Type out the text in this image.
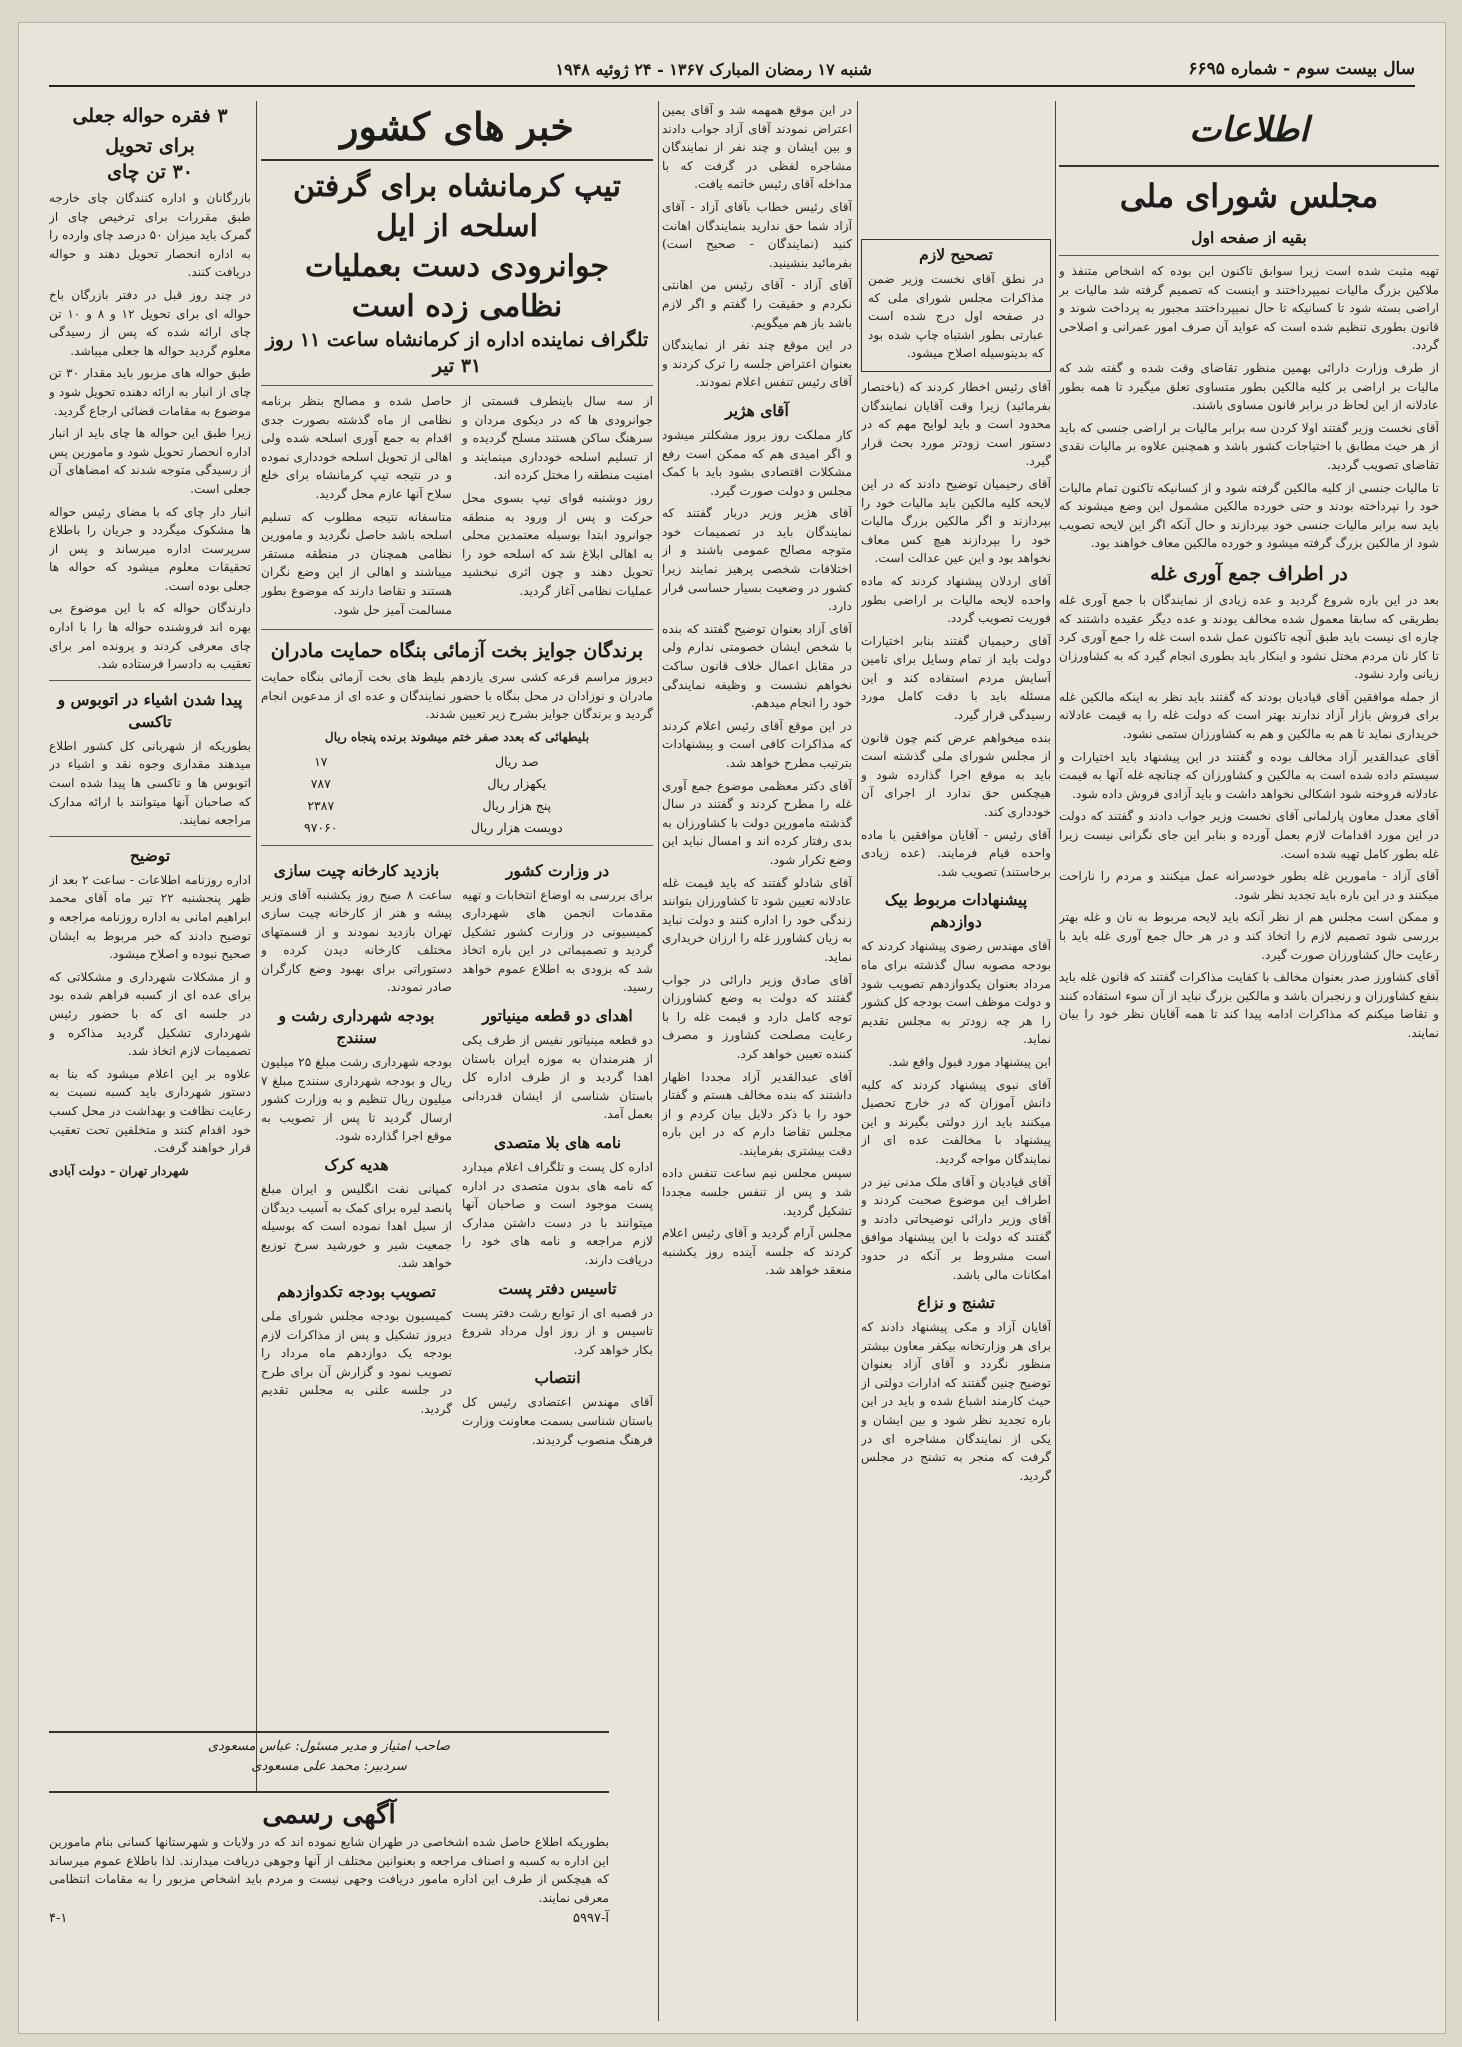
سال بیست سوم - شماره ۶۶۹۵
شنبه ۱۷ رمضان المبارک ۱۳۶۷ - ۲۴ ژوئیه ۱۹۴۸
اطلاعات
مجلس شورای ملی
بقیه از صفحه اول

تهیه مثبت شده است زیرا سوابق تاکنون این بوده که اشخاص متنفذ و ملاکین بزرگ مالیات نمیپرداختند و اینست که تصمیم گرفته شد مالیات بر اراضی بسته شود تا کسانیکه تا حال نمیپرداختند مجبور به پرداخت شوند و قانون بطوری تنظیم شده است که عواید آن صرف امور عمرانی و اصلاحی گردد.

از طرف وزارت دارائی بهمین منظور تقاضای وقت شده و گفته شد که مالیات بر اراضی بر کلیه مالکین بطور متساوی تعلق میگیرد تا همه بطور عادلانه از این لحاظ در برابر قانون مساوی باشند.

آقای نخست وزیر گفتند اولا کردن سه برابر مالیات بر اراضی جنسی که باید از هر حیث مطابق با احتیاجات کشور باشد و همچنین علاوه بر مالیات نقدی تقاضای تصویب گردید.

تا مالیات جنسی از کلیه مالکین گرفته شود و از کسانیکه تاکنون تمام مالیات خود را نپرداخته بودند و حتی خورده مالکین مشمول این وضع میشوند که باید سه برابر مالیات جنسی خود بپردازند و حال آنکه اگر این لایحه تصویب شود از مالکین بزرگ گرفته میشود و خورده مالکین معاف خواهند بود.

در اطراف جمع آوری غله

بعد در این باره شروع گردید و عده زیادی از نمایندگان با جمع آوری غله بطریقی که سابقا معمول شده مخالف بودند و عده دیگر عقیده داشتند که چاره ای نیست باید طبق آنچه تاکنون عمل شده است غله را جمع آوری کرد تا کار نان مردم مختل نشود و اینکار باید بطوری انجام گیرد که به کشاورزان زیانی وارد نشود.

از جمله موافقین آقای قیادیان بودند که گفتند باید نظر به اینکه مالکین غله برای فروش بازار آزاد ندارند بهتر است که دولت غله را به قیمت عادلانه خریداری نماید تا هم به مالکین و هم به کشاورزان ستمی نشود.

آقای عبدالقدیر آزاد مخالف بوده و گفتند در این پیشنهاد باید اختیارات و سیستم داده شده است به مالکین و کشاورزان که چنانچه غله آنها به قیمت عادلانه فروخته شود اشکالی نخواهد داشت و باید آزادی فروش داده شود.

آقای معدل معاون پارلمانی آقای نخست وزیر جواب دادند و گفتند که دولت در این مورد اقدامات لازم بعمل آورده و بنابر این جای نگرانی نیست زیرا غله بطور کامل تهیه شده است.

آقای آزاد - مامورین غله بطور خودسرانه عمل میکنند و مردم را ناراحت میکنند و در این باره باید تجدید نظر شود.

و ممکن است مجلس هم از نظر آنکه باید لایحه مربوط به نان و غله بهتر بررسی شود تصمیم لازم را اتخاذ کند و در هر حال جمع آوری غله باید با رعایت حال کشاورزان صورت گیرد.

آقای کشاورز صدر بعنوان مخالف با کفایت مذاکرات گفتند که قانون غله باید بنفع کشاورزان و رنجبران باشد و مالکین بزرگ نباید از آن سوء استفاده کنند و تقاضا میکنم که مذاکرات ادامه پیدا کند تا همه آقایان نظر خود را بیان نمایند.

تصحیح لازم

در نطق آقای نخست وزیر ضمن مذاکرات مجلس شورای ملی که در صفحه اول درج شده است عبارتی بطور اشتباه چاپ شده بود که بدینوسیله اصلاح میشود.

آقای رئیس اخطار کردند که (باختصار بفرمائید) زیرا وقت آقایان نمایندگان محدود است و باید لوایح مهم که در دستور است زودتر مورد بحث قرار گیرد.

آقای رحیمیان توضیح دادند که در این لایحه کلیه مالکین باید مالیات خود را بپردازند و اگر مالکین بزرگ مالیات خود را بپردازند هیچ کس معاف نخواهد بود و این عین عدالت است.

آقای اردلان پیشنهاد کردند که ماده واحده لایحه مالیات بر اراضی بطور فوریت تصویب گردد.

آقای رحیمیان گفتند بنابر اختیارات دولت باید از تمام وسایل برای تامین آسایش مردم استفاده کند و این مسئله باید با دقت کامل مورد رسیدگی قرار گیرد.

بنده میخواهم عرض کنم چون قانون از مجلس شورای ملی گذشته است باید به موقع اجرا گذارده شود و هیچکس حق ندارد از اجرای آن خودداری کند.

آقای رئیس - آقایان موافقین با ماده واحده قیام فرمایند. (عده زیادی برخاستند) تصویب شد.

پیشنهادات مربوط بیک دوازدهم

آقای مهندس رضوی پیشنهاد کردند که بودجه مصوبه سال گذشته برای ماه مرداد بعنوان یکدوازدهم تصویب شود و دولت موظف است بودجه کل کشور را هر چه زودتر به مجلس تقدیم نماید.

این پیشنهاد مورد قبول واقع شد.

آقای نبوی پیشنهاد کردند که کلیه دانش آموزان که در خارج تحصیل میکنند باید ارز دولتی بگیرند و این پیشنهاد با مخالفت عده ای از نمایندگان مواجه گردید.

آقای قیادیان و آقای ملک مدنی نیز در اطراف این موضوع صحبت کردند و آقای وزیر دارائی توضیحاتی دادند و گفتند که دولت با این پیشنهاد موافق است مشروط بر آنکه در حدود امکانات مالی باشد.

تشنج و نزاع

آقایان آزاد و مکی پیشنهاد دادند که برای هر وزارتخانه بیکفر معاون بیشتر منظور نگردد و آقای آزاد بعنوان توضیح چنین گفتند که ادارات دولتی از حیث کارمند اشباع شده و باید در این باره تجدید نظر شود و بین ایشان و یکی از نمایندگان مشاجره ای در گرفت که منجر به تشنج در مجلس گردید.

در این موقع همهمه شد و آقای یمین اعتراض نمودند آقای آزاد جواب دادند و بین ایشان و چند نفر از نمایندگان مشاجره لفظی در گرفت که با مداخله آقای رئیس خاتمه یافت.

آقای رئیس خطاب بآقای آزاد - آقای آزاد شما حق ندارید بنمایندگان اهانت کنید (نمایندگان - صحیح است) بفرمائید بنشینید.

آقای آزاد - آقای رئیس من اهانتی نکردم و حقیقت را گفتم و اگر لازم باشد باز هم میگویم.

در این موقع چند نفر از نمایندگان بعنوان اعتراض جلسه را ترک کردند و آقای رئیس تنفس اعلام نمودند.

آقای هژیر

کار مملکت روز بروز مشکلتر میشود و اگر امیدی هم که ممکن است رفع مشکلات اقتصادی بشود باید با کمک مجلس و دولت صورت گیرد.

آقای هژیر وزیر دربار گفتند که نمایندگان باید در تصمیمات خود متوجه مصالح عمومی باشند و از اختلافات شخصی پرهیز نمایند زیرا کشور در وضعیت بسیار حساسی قرار دارد.

آقای آزاد بعنوان توضیح گفتند که بنده با شخص ایشان خصومتی ندارم ولی در مقابل اعمال خلاف قانون ساکت نخواهم نشست و وظیفه نمایندگی خود را انجام میدهم.

در این موقع آقای رئیس اعلام کردند که مذاکرات کافی است و پیشنهادات بترتیب مطرح خواهد شد.

آقای دکتر معظمی موضوع جمع آوری غله را مطرح کردند و گفتند در سال گذشته مامورین دولت با کشاورزان به بدی رفتار کرده اند و امسال نباید این وضع تکرار شود.

آقای شادلو گفتند که باید قیمت غله عادلانه تعیین شود تا کشاورزان بتوانند زندگی خود را اداره کنند و دولت نباید به زیان کشاورز غله را ارزان خریداری نماید.

آقای صادق وزیر دارائی در جواب گفتند که دولت به وضع کشاورزان توجه کامل دارد و قیمت غله را با رعایت مصلحت کشاورز و مصرف کننده تعیین خواهد کرد.

آقای عبدالقدیر آزاد مجددا اظهار داشتند که بنده مخالف هستم و گفتار خود را با ذکر دلایل بیان کردم و از مجلس تقاضا دارم که در این باره دقت بیشتری بفرمایند.

سپس مجلس نیم ساعت تنفس داده شد و پس از تنفس جلسه مجددا تشکیل گردید.

مجلس آرام گردید و آقای رئیس اعلام کردند که جلسه آینده روز یکشنبه منعقد خواهد شد.

خبر های کشور
تیپ کرمانشاه برای گرفتن اسلحه از ایل
جوانرودی دست بعملیات نظامی زده است
تلگراف نماینده اداره از کرمانشاه ساعت ۱۱ روز ۳۱ تیر

از سه سال باینطرف قسمتی از جوانرودی ها که در دیکوی مردان و سرهنگ ساکن هستند مسلح گردیده و از تسلیم اسلحه خودداری مینمایند و امنیت منطقه را مختل کرده اند.

روز دوشنبه قوای تیپ بسوی محل حرکت و پس از ورود به منطقه جوانرود ابتدا بوسیله معتمدین محلی به اهالی ابلاغ شد که اسلحه خود را تحویل دهند و چون اثری نبخشید عملیات نظامی آغاز گردید.

حاصل شده و مصالح بنظر برنامه نظامی از ماه گذشته بصورت جدی اقدام به جمع آوری اسلحه شده ولی اهالی از تحویل اسلحه خودداری نموده و در نتیجه تیپ کرمانشاه برای خلع سلاح آنها عازم محل گردید.

متاسفانه نتیجه مطلوب که تسلیم اسلحه باشد حاصل نگردید و مامورین نظامی همچنان در منطقه مستقر میباشند و اهالی از این وضع نگران هستند و تقاضا دارند که موضوع بطور مسالمت آمیز حل شود.

برندگان جوایز بخت آزمائی بنگاه حمایت مادران

دیروز مراسم قرعه کشی سری یازدهم بلیط های بخت آزمائی بنگاه حمایت مادران و نوزادان در محل بنگاه با حضور نمایندگان و عده ای از مدعوین انجام گردید و برندگان جوایز بشرح زیر تعیین شدند.

بلیطهائی که بعدد صفر ختم میشوند برنده پنجاه ریال

صد ریال	۱۷
یکهزار ریال	۷۸۷
پنج هزار ریال	۲۳۸۷
دویست هزار ریال	۹۷۰۶۰
در وزارت کشور

برای بررسی به اوضاع انتخابات و تهیه مقدمات انجمن های شهرداری کمیسیونی در وزارت کشور تشکیل گردید و تصمیماتی در این باره اتخاذ شد که بزودی به اطلاع عموم خواهد رسید.

اهدای دو قطعه مینیاتور

دو قطعه مینیاتور نفیس از طرف یکی از هنرمندان به موزه ایران باستان اهدا گردید و از طرف اداره کل باستان شناسی از ایشان قدردانی بعمل آمد.

نامه های بلا متصدی

اداره کل پست و تلگراف اعلام میدارد که نامه های بدون متصدی در اداره پست موجود است و صاحبان آنها میتوانند با در دست داشتن مدارک لازم مراجعه و نامه های خود را دریافت دارند.

تاسیس دفتر پست

در قصبه ای از توابع رشت دفتر پست تاسیس و از روز اول مرداد شروع بکار خواهد کرد.

انتصاب

آقای مهندس اعتضادی رئیس کل باستان شناسی بسمت معاونت وزارت فرهنگ منصوب گردیدند.

بازدید کارخانه چیت سازی

ساعت ۸ صبح روز یکشنبه آقای وزیر پیشه و هنر از کارخانه چیت سازی تهران بازدید نمودند و از قسمتهای مختلف کارخانه دیدن کرده و دستوراتی برای بهبود وضع کارگران صادر نمودند.

بودجه شهرداری رشت و سنندج

بودجه شهرداری رشت مبلغ ۲۵ میلیون ریال و بودجه شهرداری سنندج مبلغ ۷ میلیون ریال تنظیم و به وزارت کشور ارسال گردید تا پس از تصویب به موقع اجرا گذارده شود.

هدیه کرک

کمپانی نفت انگلیس و ایران مبلغ پانصد لیره برای کمک به آسیب دیدگان از سیل اهدا نموده است که بوسیله جمعیت شیر و خورشید سرخ توزیع خواهد شد.

تصویب بودجه تکدوازدهم

کمیسیون بودجه مجلس شورای ملی دیروز تشکیل و پس از مذاکرات لازم بودجه یک دوازدهم ماه مرداد را تصویب نمود و گزارش آن برای طرح در جلسه علنی به مجلس تقدیم گردید.

۳ فقره حواله جعلی
برای تحویل
۳۰ تن چای

بازرگانان و اداره کنندگان چای خارجه طبق مقررات برای ترخیص چای از گمرک باید میزان ۵۰ درصد چای وارده را به اداره انحصار تحویل دهند و حواله دریافت کنند.

در چند روز قبل در دفتر بازرگان باخ حواله ای برای تحویل ۱۲ و ۸ و ۱۰ تن چای ارائه شده که پس از رسیدگی معلوم گردید حواله ها جعلی میباشد.

طبق حواله های مزبور باید مقدار ۳۰ تن چای از انبار به ارائه دهنده تحویل شود و موضوع به مقامات قضائی ارجاع گردید.

زیرا طبق این حواله ها چای باید از انبار اداره انحصار تحویل شود و مامورین پس از رسیدگی متوجه شدند که امضاهای آن جعلی است.

انبار دار چای که با مضای رئیس حواله ها مشکوک میگردد و جریان را باطلاع سرپرست اداره میرساند و پس از تحقیقات معلوم میشود که حواله ها جعلی بوده است.

دارندگان حواله که با این موضوع بی بهره اند فروشنده حواله ها را با اداره چای معرفی کردند و پرونده امر برای تعقیب به دادسرا فرستاده شد.

پیدا شدن اشیاء در اتوبوس و تاکسی

بطوریکه از شهربانی کل کشور اطلاع میدهند مقداری وجوه نقد و اشیاء در اتوبوس ها و تاکسی ها پیدا شده است که صاحبان آنها میتوانند با ارائه مدارک مراجعه نمایند.

توضیح

اداره روزنامه اطلاعات - ساعت ۲ بعد از ظهر پنجشنبه ۲۲ تیر ماه آقای محمد ابراهیم امانی به اداره روزنامه مراجعه و توضیح دادند که خبر مربوط به ایشان صحیح نبوده و اصلاح میشود.

و از مشکلات شهرداری و مشکلاتی که برای عده ای از کسبه فراهم شده بود در جلسه ای که با حضور رئیس شهرداری تشکیل گردید مذاکره و تصمیمات لازم اتخاذ شد.

علاوه بر این اعلام میشود که بنا به دستور شهرداری باید کسبه نسبت به رعایت نظافت و بهداشت در محل کسب خود اقدام کنند و متخلفین تحت تعقیب قرار خواهند گرفت.

شهردار تهران - دولت آبادی

صاحب امتیاز و مدیر مسئول: عباس مسعودی
سردبیر: محمد علی مسعودی
آگهی رسمی

بطوریکه اطلاع حاصل شده اشخاصی در طهران شایع نموده اند که در ولایات و شهرستانها کسانی بنام مامورین این اداره به کسبه و اصناف مراجعه و بعنوانین مختلف از آنها وجوهی دریافت میدارند. لذا باطلاع عموم میرساند که هیچکس از طرف این اداره مامور دریافت وجهی نیست و مردم باید اشخاص مزبور را به مقامات انتظامی معرفی نمایند.

آ-۵۹۹۷
۴-۱
